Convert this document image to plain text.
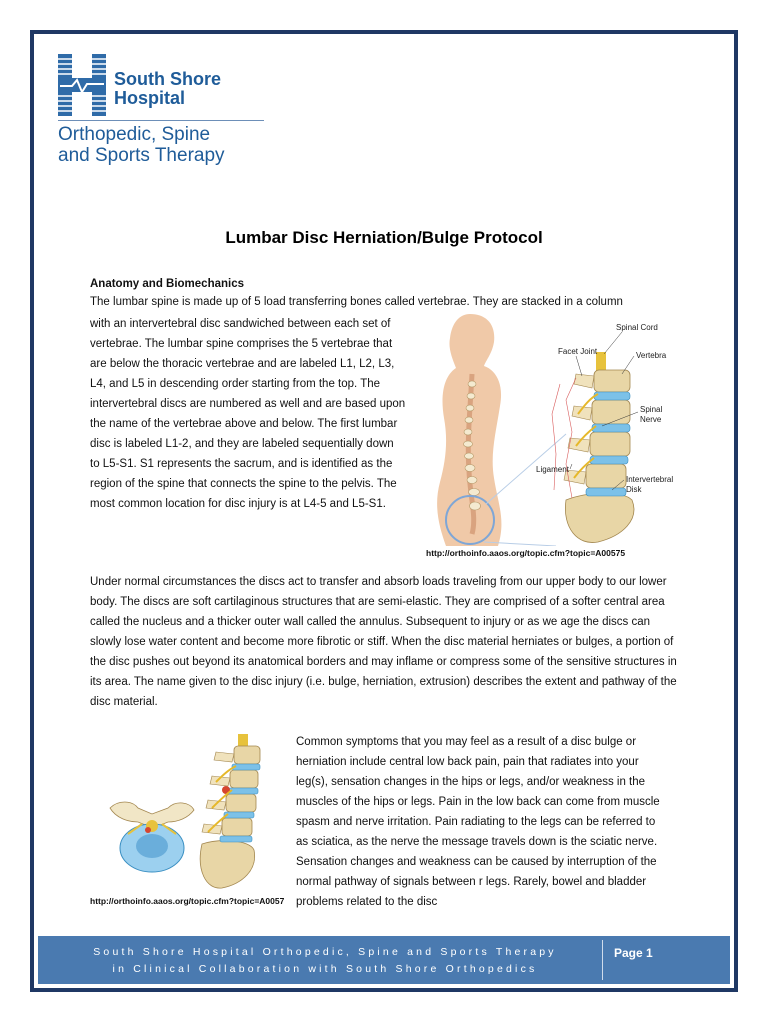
South Shore
Hospital
Orthopedic, Spine
and Sports Therapy
Lumbar Disc Herniation/Bulge Protocol
Anatomy and Biomechanics
The lumbar spine is made up of 5 load transferring bones called vertebrae. They are stacked in a column
with an intervertebral disc sandwiched between each set of vertebrae. The lumbar spine comprises the 5 vertebrae that are below the thoracic vertebrae and are labeled L1, L2, L3, L4, and L5 in descending order starting from the top. The intervertebral discs are numbered as well and are based upon the name of the vertebrae above and below. The first lumbar disc is labeled L1-2, and they are labeled sequentially down to L5-S1. S1 represents the sacrum, and is identified as the region of the spine that connects the spine to the pelvis. The most common location for disc injury is at L4-5 and L5-S1.
Spinal Cord
Facet Joint	Vertebra
Spinal
Nerve
Ligament
Intervertebral
Disk
http://orthoinfo.aaos.org/topic.cfm?topic=A00575
Under normal circumstances the discs act to transfer and absorb loads traveling from our upper body to our lower body. The discs are soft cartilaginous structures that are semi-elastic. They are comprised of a softer central area called the nucleus and a thicker outer wall called the annulus. Subsequent to injury or as we age the discs can slowly lose water content and become more fibrotic or stiff. When the disc material herniates or bulges, a portion of the disc pushes out beyond its anatomical borders and may inflame or compress some of the sensitive structures in its area. The name given to the disc injury (i.e. bulge, herniation, extrusion) describes the extent and pathway of the disc material.
http://orthoinfo.aaos.org/topic.cfm?topic=A0057
Common symptoms that you may feel as a result of a disc bulge or herniation include central low back pain, pain that radiates into your leg(s), sensation changes in the hips or legs, and/or weakness in the muscles of the hips or legs. Pain in the low back can come from muscle spasm and nerve irritation. Pain radiating to the legs can be referred to as sciatica, as the nerve the message travels down is the sciatic nerve. Sensation changes and weakness can be caused by interruption of the normal pathway of signals between r legs. Rarely, bowel and bladder problems related to the disc
South Shore Hospital Orthopedic, Spine and Sports Therapy
in Clinical Collaboration with South Shore Orthopedics
Page 1
